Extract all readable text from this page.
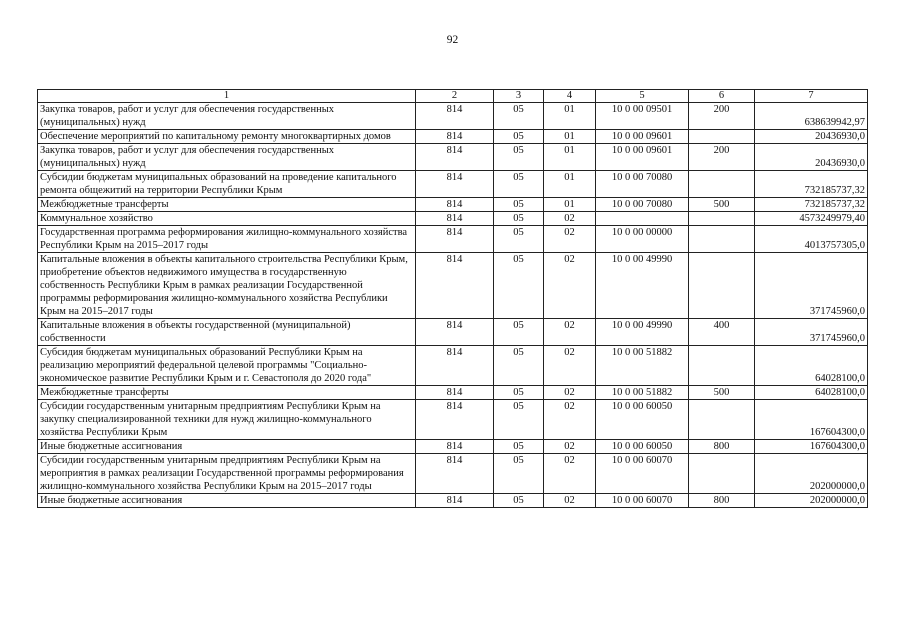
92
1	2	3	4	5	6	7
Закупка товаров, работ и услуг для обеспечения государственных (муниципальных) нужд	814	05	01	10 0 00 09501	200	638639942,97
Обеспечение мероприятий по капитальному ремонту многоквартирных домов	814	05	01	10 0 00 09601		20436930,0
Закупка товаров, работ и услуг для обеспечения государственных (муниципальных) нужд	814	05	01	10 0 00 09601	200	20436930,0
Субсидии бюджетам муниципальных образований на проведение капитального ремонта общежитий на территории Республики Крым	814	05	01	10 0 00 70080		732185737,32
Межбюджетные трансферты	814	05	01	10 0 00 70080	500	732185737,32
Коммунальное хозяйство	814	05	02			4573249979,40
Государственная программа реформирования жилищно-коммунального хозяйства Республики Крым на 2015–2017 годы	814	05	02	10 0 00 00000		4013757305,0
Капитальные вложения в объекты капитального строительства Республики Крым, приобретение объектов недвижимого имущества в государственную собственность Республики Крым в рамках реализации Государственной программы реформирования жилищно-коммунального хозяйства Республики Крым на 2015–2017 годы	814	05	02	10 0 00 49990		371745960,0
Капитальные вложения в объекты государственной (муниципальной) собственности	814	05	02	10 0 00 49990	400	371745960,0
Субсидия бюджетам муниципальных образований Республики Крым на реализацию мероприятий федеральной целевой программы "Социально-экономическое развитие Республики Крым и г. Севастополя до 2020 года"	814	05	02	10 0 00 51882		64028100,0
Межбюджетные трансферты	814	05	02	10 0 00 51882	500	64028100,0
Субсидии государственным унитарным предприятиям Республики Крым на закупку специализированной техники для нужд жилищно-коммунального хозяйства Республики Крым	814	05	02	10 0 00 60050		167604300,0
Иные бюджетные ассигнования	814	05	02	10 0 00 60050	800	167604300,0
Субсидии государственным унитарным предприятиям Республики Крым на мероприятия в рамках реализации Государственной программы реформирования жилищно-коммунального хозяйства Республики Крым на 2015–2017 годы	814	05	02	10 0 00 60070		202000000,0
Иные бюджетные ассигнования	814	05	02	10 0 00 60070	800	202000000,0
